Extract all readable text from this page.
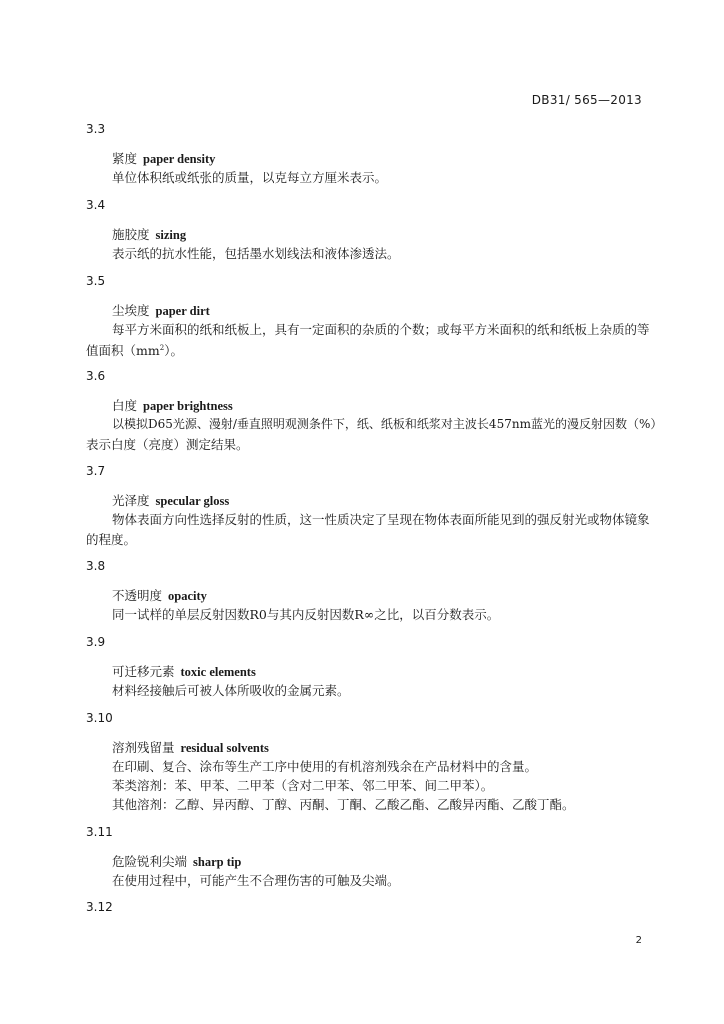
DB31/ 565—2013
3.3
紧度 paper density
单位体积纸或纸张的质量，以克每立方厘米表示。
3.4
施胶度 sizing
表示纸的抗水性能，包括墨水划线法和液体渗透法。
3.5
尘埃度 paper dirt
每平方米面积的纸和纸板上，具有一定面积的杂质的个数；或每平方米面积的纸和纸板上杂质的等
值面积$(mm^2)$。
3.6
白度 paper brightness
以模拟D65光源、漫射/垂直照明观测条件下，纸、纸板和纸浆对主波长457nm蓝光的漫反射因数（%）
表示白度（亮度）测定结果。
3.7
光泽度 specular gloss
物体表面方向性选择反射的性质，这一性质决定了呈现在物体表面所能见到的强反射光或物体镜象
的程度。
3.8
不透明度 opacity
同一试样的单层反射因数R0与其内反射因数R∞之比，以百分数表示。
3.9
可迁移元素 toxic elements
材料经接触后可被人体所吸收的金属元素。
3.10
溶剂残留量 residual solvents
在印刷、复合、涂布等生产工序中使用的有机溶剂残余在产品材料中的含量。
苯类溶剂：苯、甲苯、二甲苯（含对二甲苯、邻二甲苯、间二甲苯）。
其他溶剂：乙醇、异丙醇、丁醇、丙酮、丁酮、乙酸乙酯、乙酸异丙酯、乙酸丁酯。
3.11
危险锐利尖端 sharp tip
在使用过程中，可能产生不合理伤害的可触及尖端。
3.12
2
